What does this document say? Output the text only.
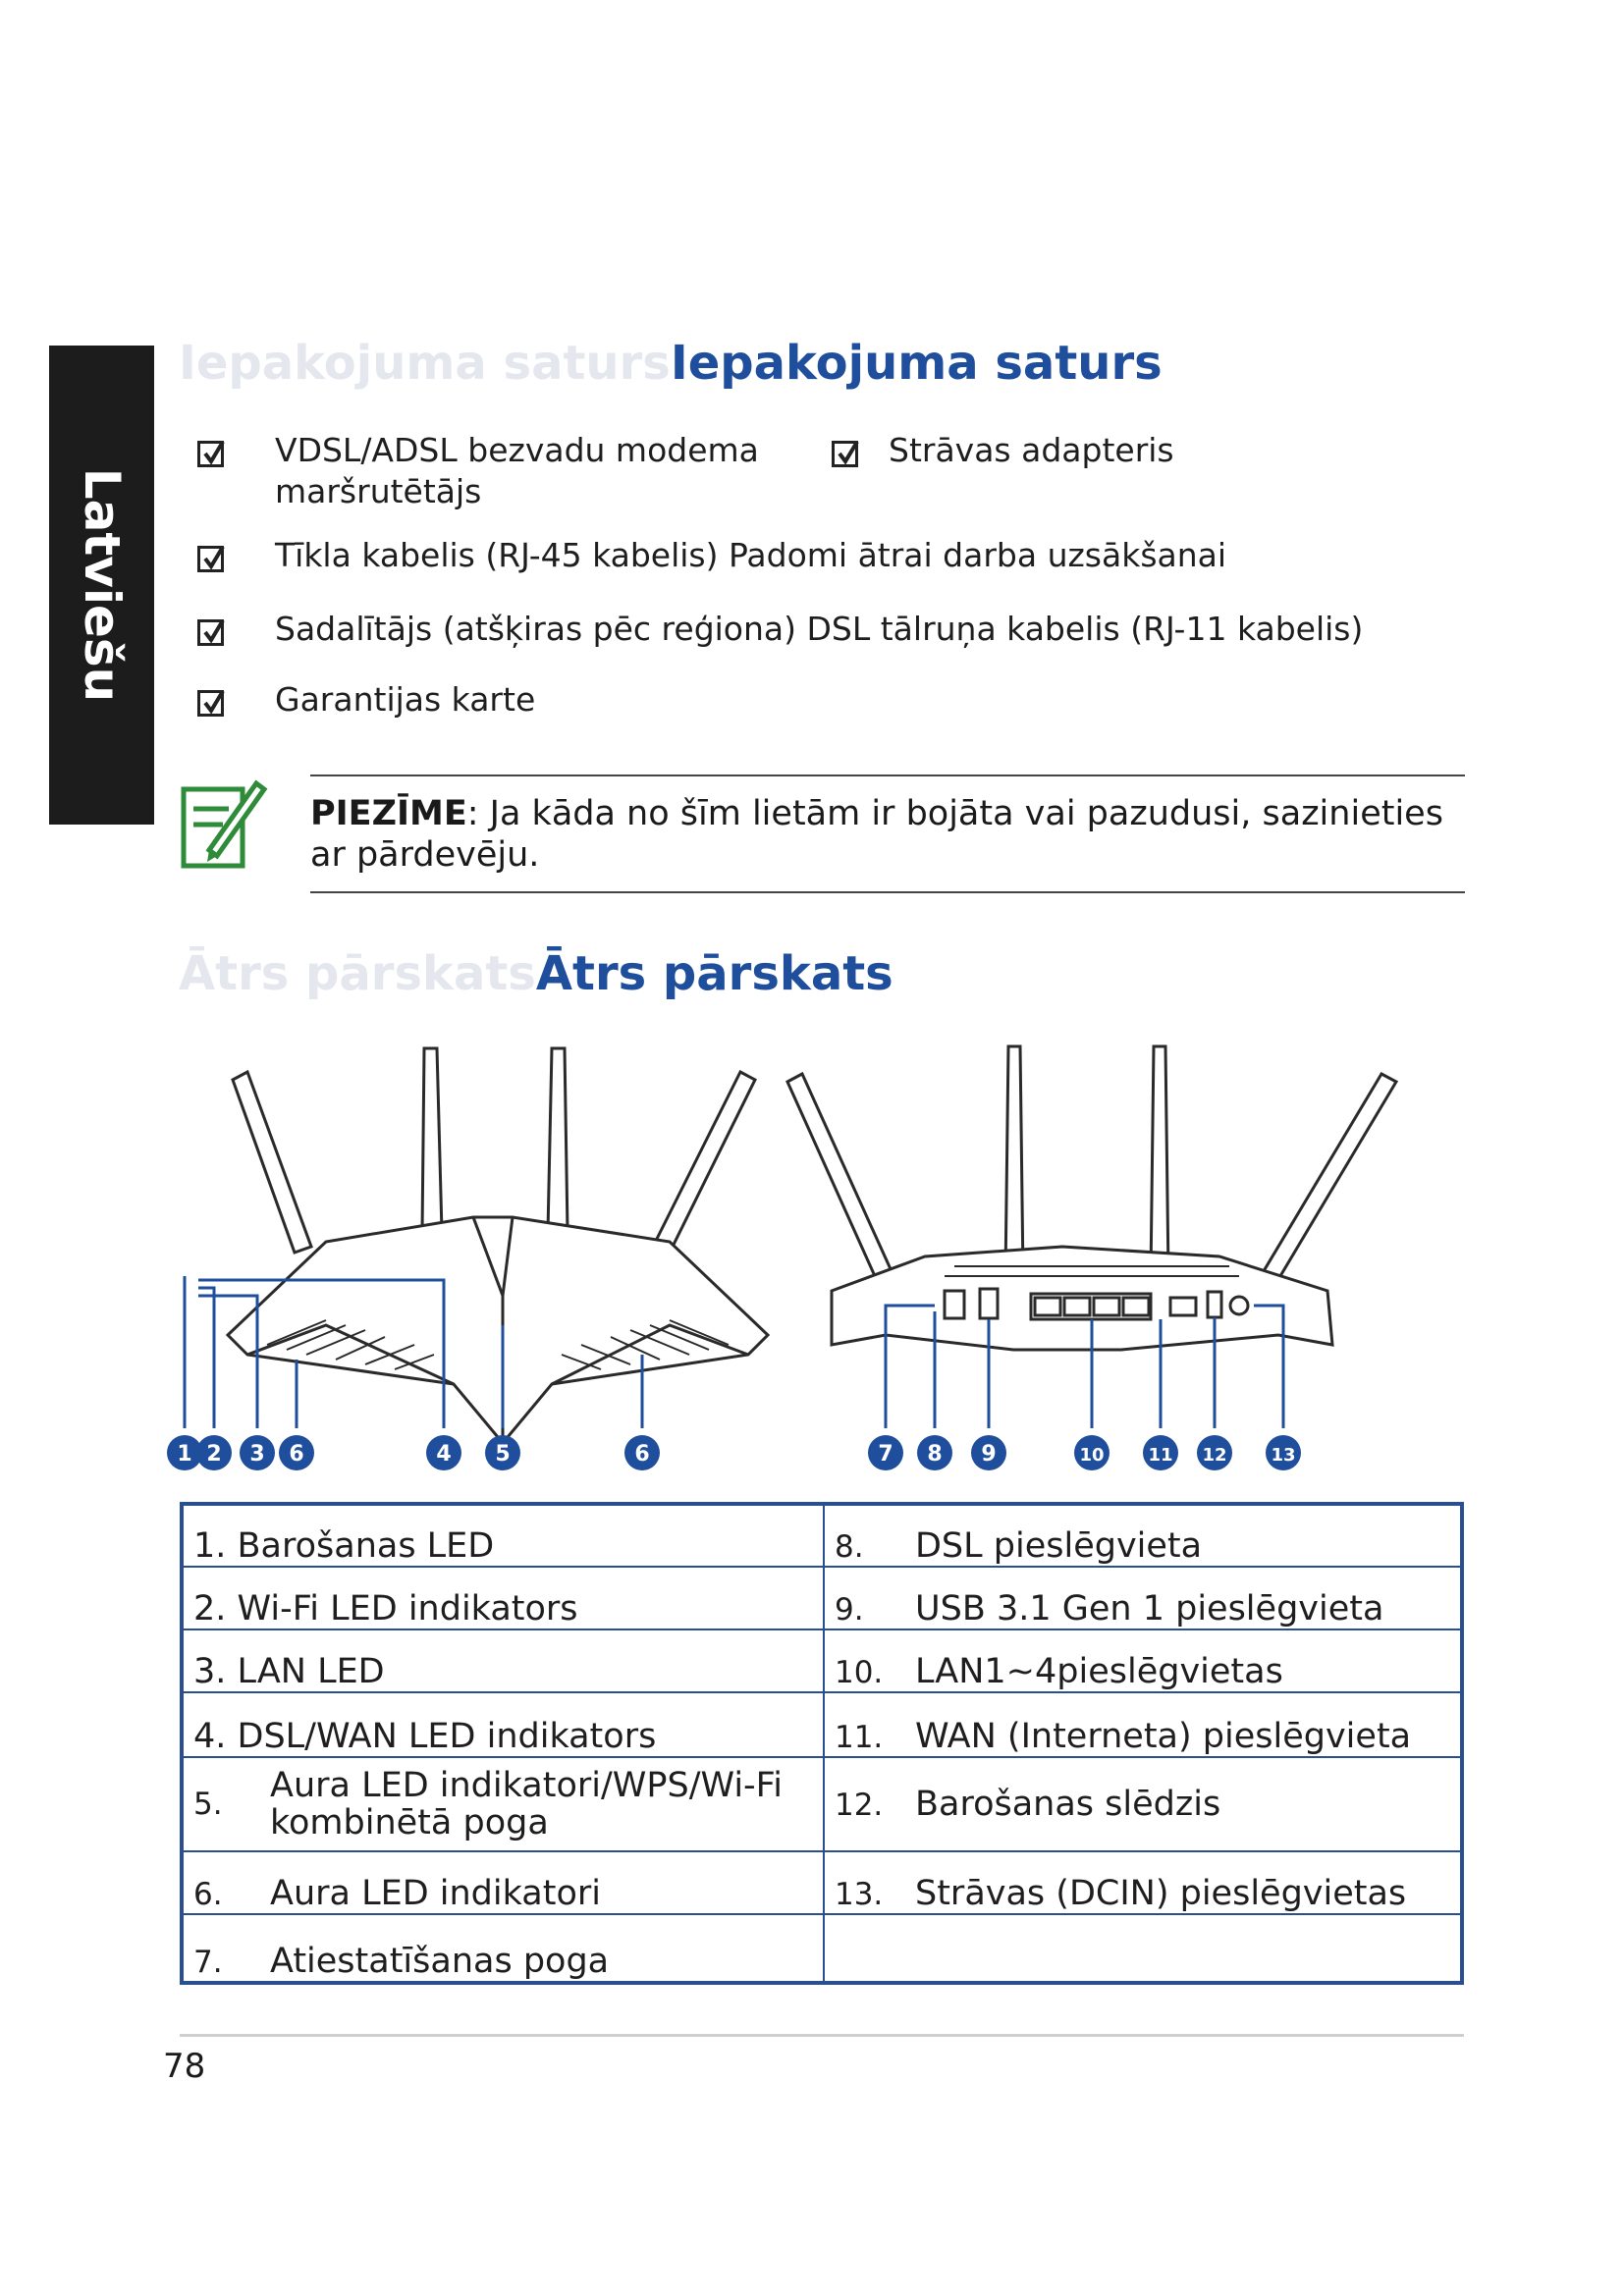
Latviešu
Iepakojuma satursIepakojuma saturs
VDSL/ADSL bezvadu modema
maršrutētājs
Strāvas adapteris
Tīkla kabelis (RJ-45 kabelis) Padomi ātrai darba uzsākšanai
Sadalītājs (atšķiras pēc reģiona) DSL tālruņa kabelis (RJ-11 kabelis)
Garantijas karte
PIEZĪME: Ja kāda no šīm lietām ir bojāta vai pazudusi, sazinieties
ar pārdevēju.
Ātrs pārskatsĀtrs pārskats
1 2 3 6	4 5	6	7 8 9	10 11 12 13
1. Barošanas LED	8. DSL pieslēgvieta
2. Wi-Fi LED indikators	9. USB 3.1 Gen 1 pieslēgvieta
3. LAN LED	10. LAN1~4pieslēgvietas
4. DSL/WAN LED indikators	11. WAN (Interneta) pieslēgvieta
5. Aura LED indikatori/WPS/Wi-Fi
kombinētā poga	12. Barošanas slēdzis
6. Aura LED indikatori	13. Strāvas (DCIN) pieslēgvietas
7. Atiestatīšanas poga	
78
